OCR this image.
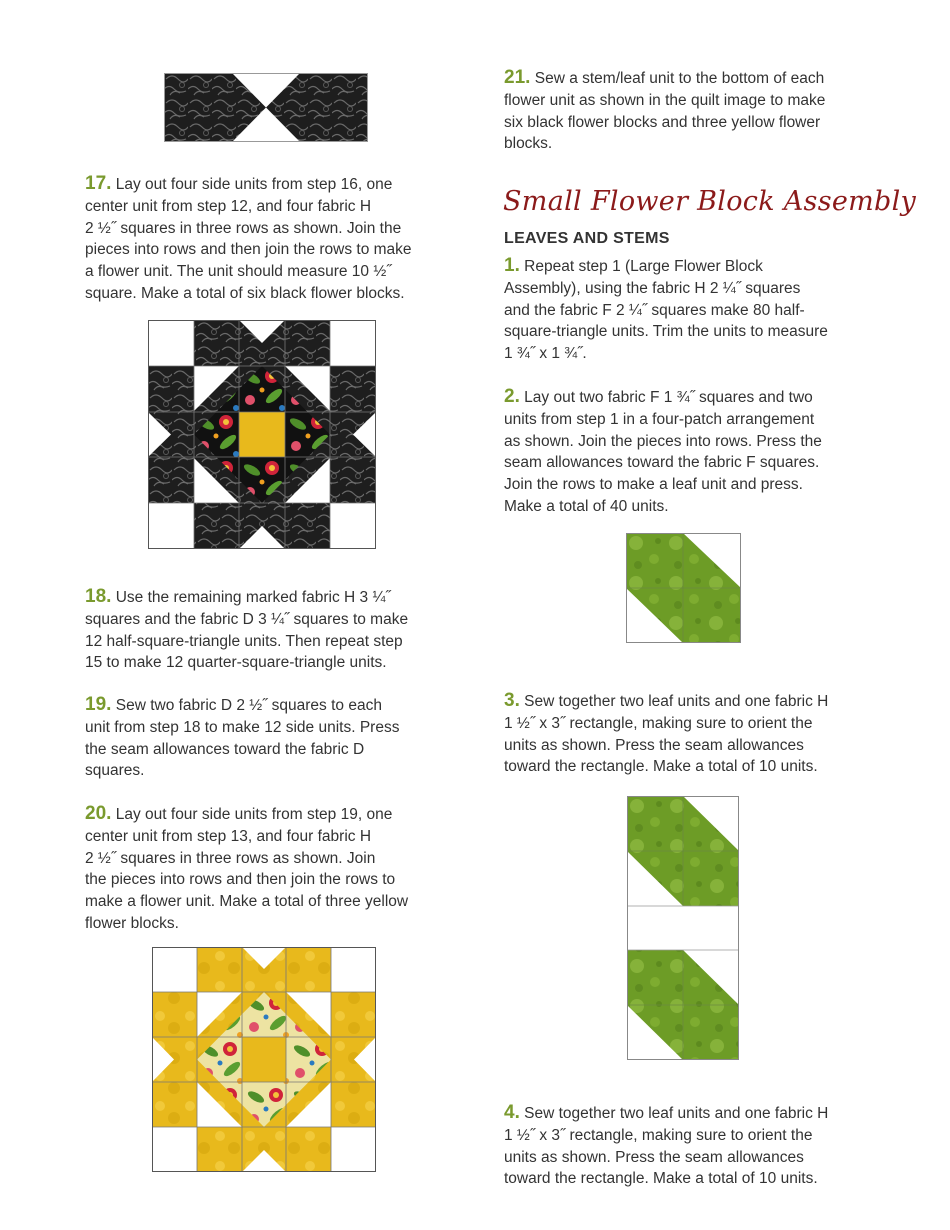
17. Lay out four side units from step 16, one
center unit from step 12, and four fabric H
2 ½˝ squares in three rows as shown. Join the
pieces into rows and then join the rows to make
a flower unit. The unit should measure 10 ½˝
square. Make a total of six black flower blocks.
18. Use the remaining marked fabric H 3 ¼˝
squares and the fabric D 3 ¼˝ squares to make
12 half-square-triangle units. Then repeat step
15 to make 12 quarter-square-triangle units.
19. Sew two fabric D 2 ½˝ squares to each
unit from step 18 to make 12 side units. Press
the seam allowances toward the fabric D
squares.
20. Lay out four side units from step 19, one
center unit from step 13, and four fabric H
2 ½˝ squares in three rows as shown. Join
the pieces into rows and then join the rows to
make a flower unit. Make a total of three yellow
flower blocks.
21. Sew a stem/leaf unit to the bottom of each
flower unit as shown in the quilt image to make
six black flower blocks and three yellow flower
blocks.
Small Flower Block Assembly
LEAVES AND STEMS
1. Repeat step 1 (Large Flower Block
Assembly), using the fabric H 2 ¼˝ squares
and the fabric F 2 ¼˝ squares make 80 half-
square-triangle units. Trim the units to measure
1 ¾˝ x 1 ¾˝.
2. Lay out two fabric F 1 ¾˝ squares and two
units from step 1 in a four-patch arrangement
as shown. Join the pieces into rows. Press the
seam allowances toward the fabric F squares.
Join the rows to make a leaf unit and press.
Make a total of 40 units.
3. Sew together two leaf units and one fabric H
1 ½˝ x 3˝ rectangle, making sure to orient the
units as shown. Press the seam allowances
toward the rectangle. Make a total of 10 units.
4. Sew together two leaf units and one fabric H
1 ½˝ x 3˝ rectangle, making sure to orient the
units as shown. Press the seam allowances
toward the rectangle. Make a total of 10 units.
